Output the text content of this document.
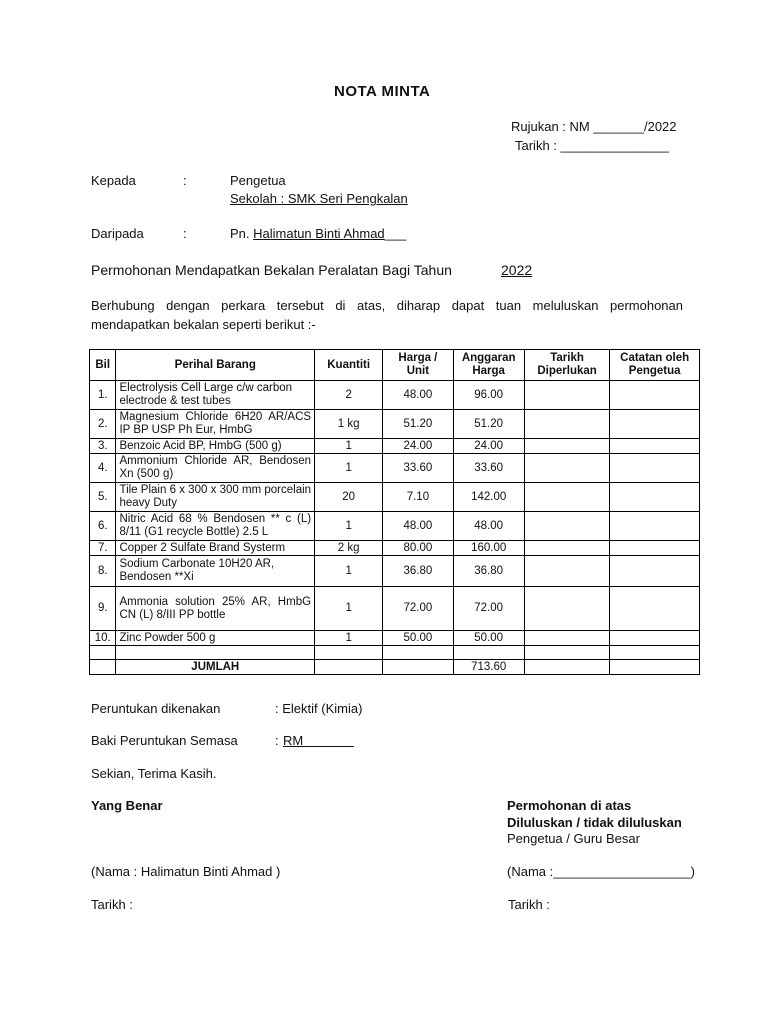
NOTA MINTA
Rujukan : NM _______/2022
Tarikh : _______________
Kepada	:	Pengetua
Sekolah : SMK Seri Pengkalan
Daripada	:	Pn. Halimatun Binti Ahmad___
Permohonan Mendapatkan Bekalan Peralatan Bagi Tahun	2022
Berhubung dengan perkara tersebut di atas, diharap dapat tuan meluluskan permohonan mendapatkan bekalan seperti berikut :-
Bil	Perihal Barang	Kuantiti	Harga / Unit	Anggaran Harga	Tarikh Diperlukan	Catatan oleh Pengetua
1.	Electrolysis Cell Large c/w carbon electrode & test tubes	2	48.00	96.00		
2.	Magnesium Chloride 6H20 AR/ACS IP BP USP Ph Eur, HmbG	1 kg	51.20	51.20		
3.	Benzoic Acid BP, HmbG (500 g)	1	24.00	24.00		
4.	Ammonium Chloride AR, Bendosen Xn (500 g)	1	33.60	33.60		
5.	Tile Plain 6 x 300 x 300 mm porcelain heavy Duty	20	7.10	142.00		
6.	Nitric Acid 68 % Bendosen ** c (L) 8/11 (G1 recycle Bottle) 2.5 L	1	48.00	48.00		
7.	Copper 2 Sulfate Brand Systerm	2 kg	80.00	160.00		
8.	Sodium Carbonate 10H20 AR, Bendosen **Xi	1	36.80	36.80		
9.	Ammonia solution 25% AR, HmbG CN (L) 8/III PP bottle	1	72.00	72.00		
10.	Zinc Powder 500 g	1	50.00	50.00		

	JUMLAH			713.60		
Peruntukan dikenakan	: Elektif (Kimia)
Baki Peruntukan Semasa	: RM
Sekian, Terima Kasih.
Yang Benar	Permohonan di atas
Diluluskan / tidak diluluskan
Pengetua / Guru Besar
(Nama : Halimatun Binti Ahmad )	(Nama :___________________)
Tarikh :	Tarikh :
